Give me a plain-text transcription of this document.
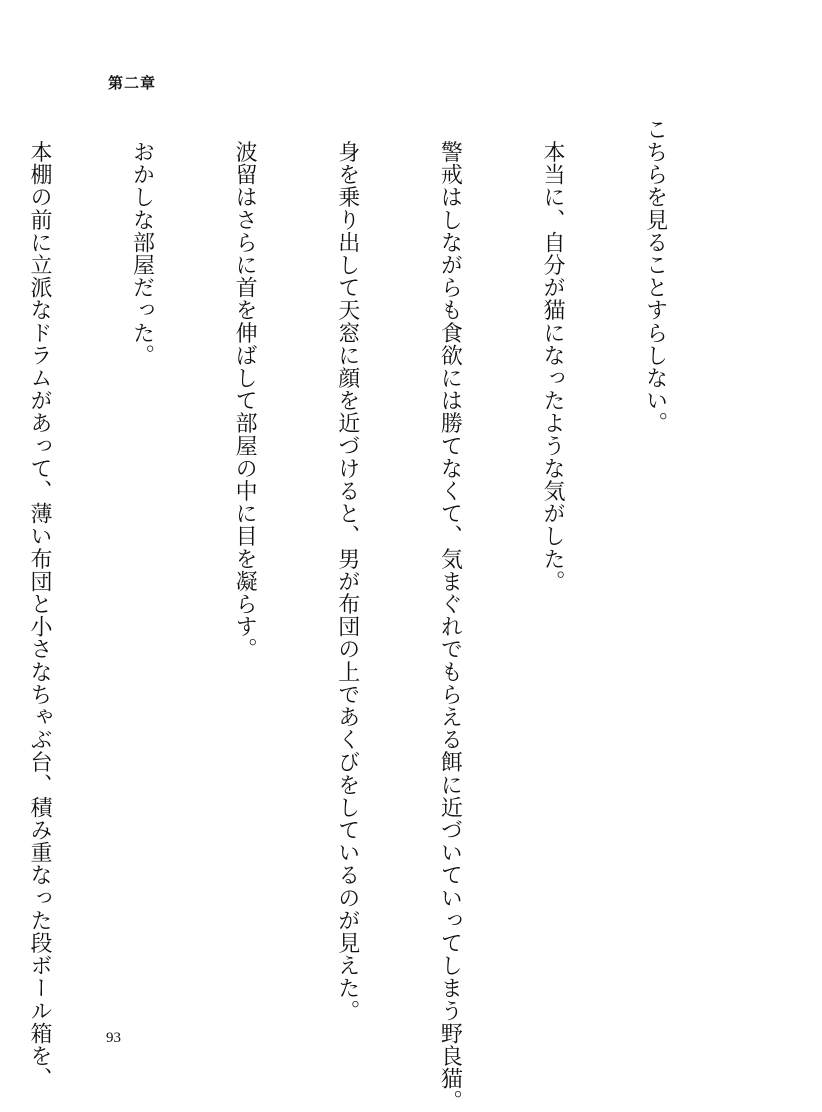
第二章

こちらを見ることすらしない。

　本当に、自分が猫になったような気がした。

　警戒はしながらも食欲には勝てなくて、気まぐれでもらえる餌に近づいていってしまう野良猫。

　身を乗り出して天窓に顔を近づけると、男が布団の上であくびをしているのが見えた。

　波留はさらに首を伸ばして部屋の中に目を凝らす。

　おかしな部屋だった。

　本棚の前に立派なドラムがあって、薄い布団と小さなちゃぶ台、積み重なった段ボール箱を、

	93
